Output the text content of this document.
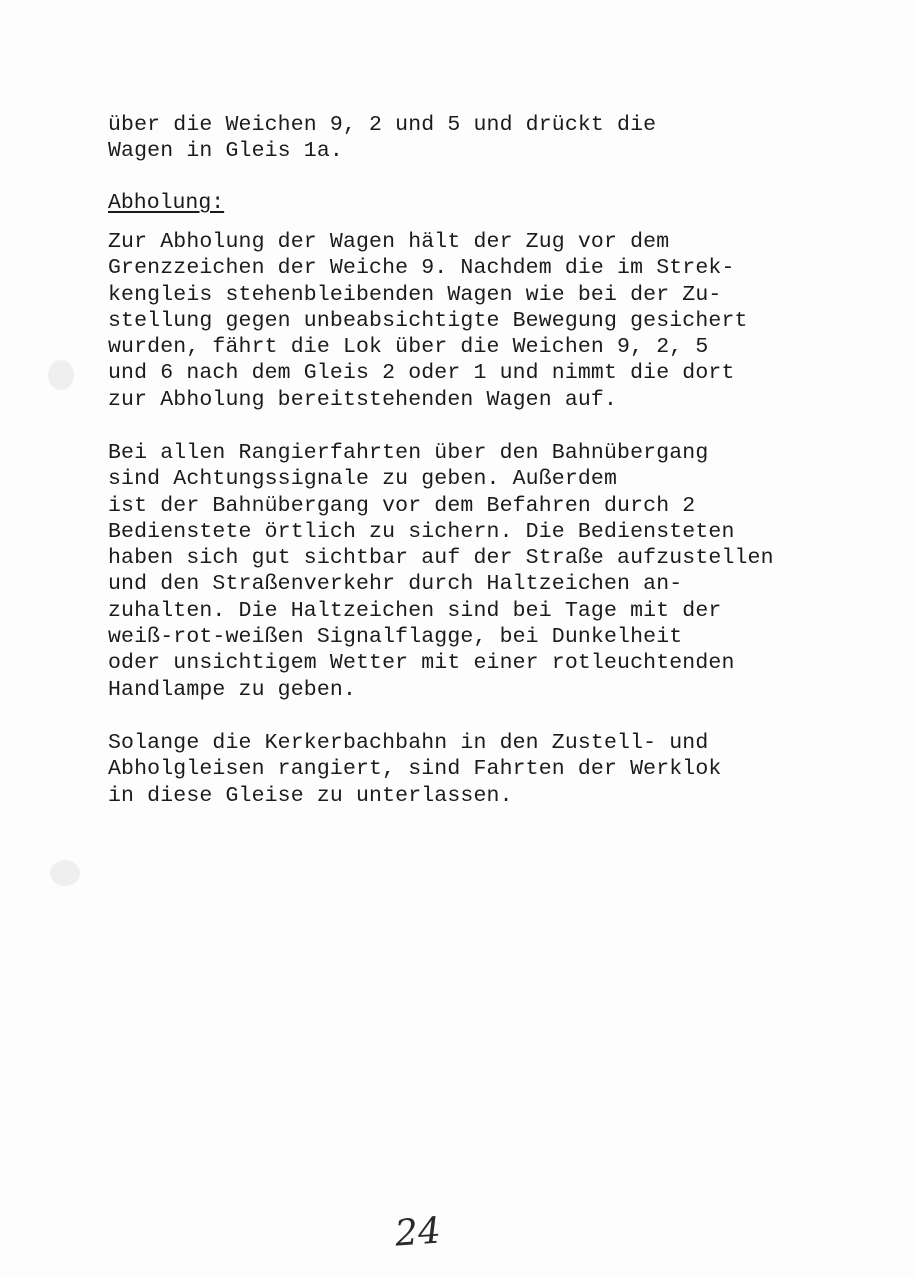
über die Weichen 9, 2 und 5 und drückt die
Wagen in Gleis 1a.
Abholung:
Zur Abholung der Wagen hält der Zug vor dem
Grenzzeichen der Weiche 9. Nachdem die im Strek-
kengleis stehenbleibenden Wagen wie bei der Zu-
stellung gegen unbeabsichtigte Bewegung gesichert
wurden, fährt die Lok über die Weichen 9, 2, 5
und 6 nach dem Gleis 2 oder 1 und nimmt die dort
zur Abholung bereitstehenden Wagen auf.
Bei allen Rangierfahrten über den Bahnübergang
sind Achtungssignale zu geben. Außerdem
ist der Bahnübergang vor dem Befahren durch 2
Bedienstete örtlich zu sichern. Die Bediensteten
haben sich gut sichtbar auf der Straße aufzustellen
und den Straßenverkehr durch Haltzeichen an-
zuhalten. Die Haltzeichen sind bei Tage mit der
weiß-rot-weißen Signalflagge, bei Dunkelheit
oder unsichtigem Wetter mit einer rotleuchtenden
Handlampe zu geben.
Solange die Kerkerbachbahn in den Zustell- und
Abholgleisen rangiert, sind Fahrten der Werklok
in diese Gleise zu unterlassen.
24
